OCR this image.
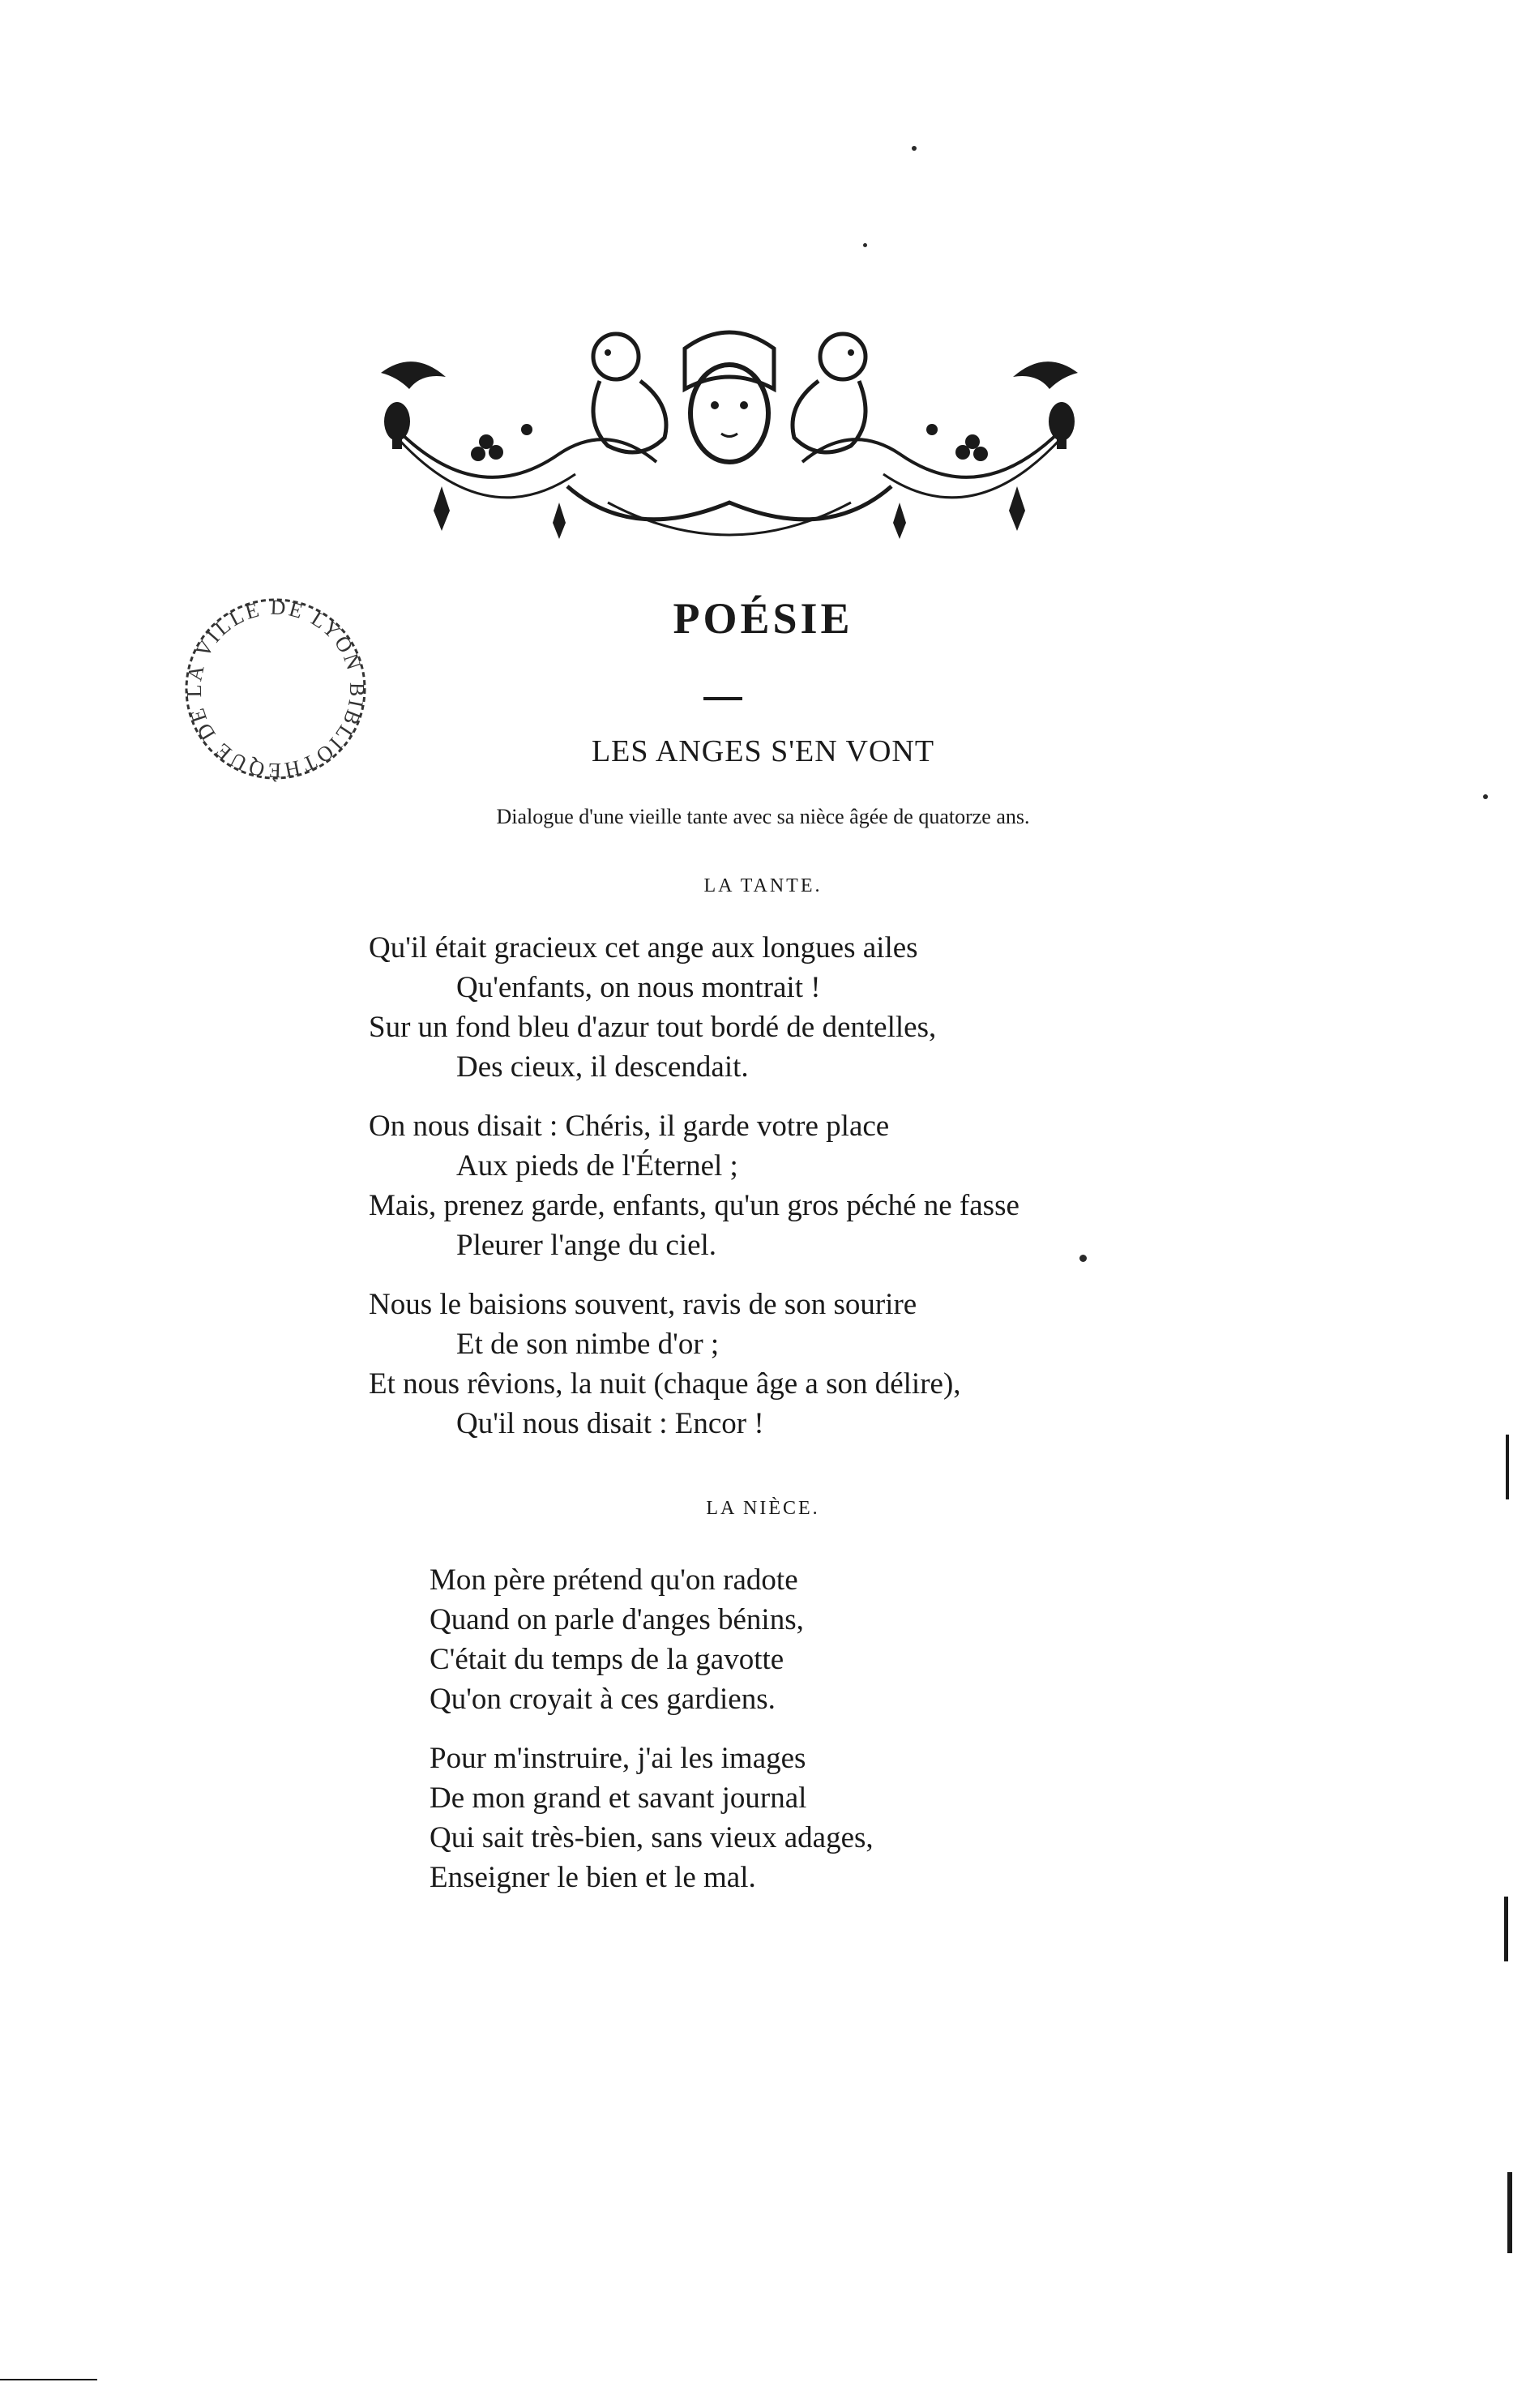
BIBLIOTHÈQUE DE LA VILLE DE LYON
POÉSIE
LES ANGES S'EN VONT
Dialogue d'une vieille tante avec sa nièce âgée de quatorze ans.
LA TANTE.
Qu'il était gracieux cet ange aux longues ailes
Qu'enfants, on nous montrait !
Sur un fond bleu d'azur tout bordé de dentelles,
Des cieux, il descendait.
On nous disait : Chéris, il garde votre place
Aux pieds de l'Éternel ;
Mais, prenez garde, enfants, qu'un gros péché ne fasse
Pleurer l'ange du ciel.
Nous le baisions souvent, ravis de son sourire
Et de son nimbe d'or ;
Et nous rêvions, la nuit (chaque âge a son délire),
Qu'il nous disait : Encor !
LA NIÈCE.
Mon père prétend qu'on radote
Quand on parle d'anges bénins,
C'était du temps de la gavotte
Qu'on croyait à ces gardiens.
Pour m'instruire, j'ai les images
De mon grand et savant journal
Qui sait très-bien, sans vieux adages,
Enseigner le bien et le mal.
